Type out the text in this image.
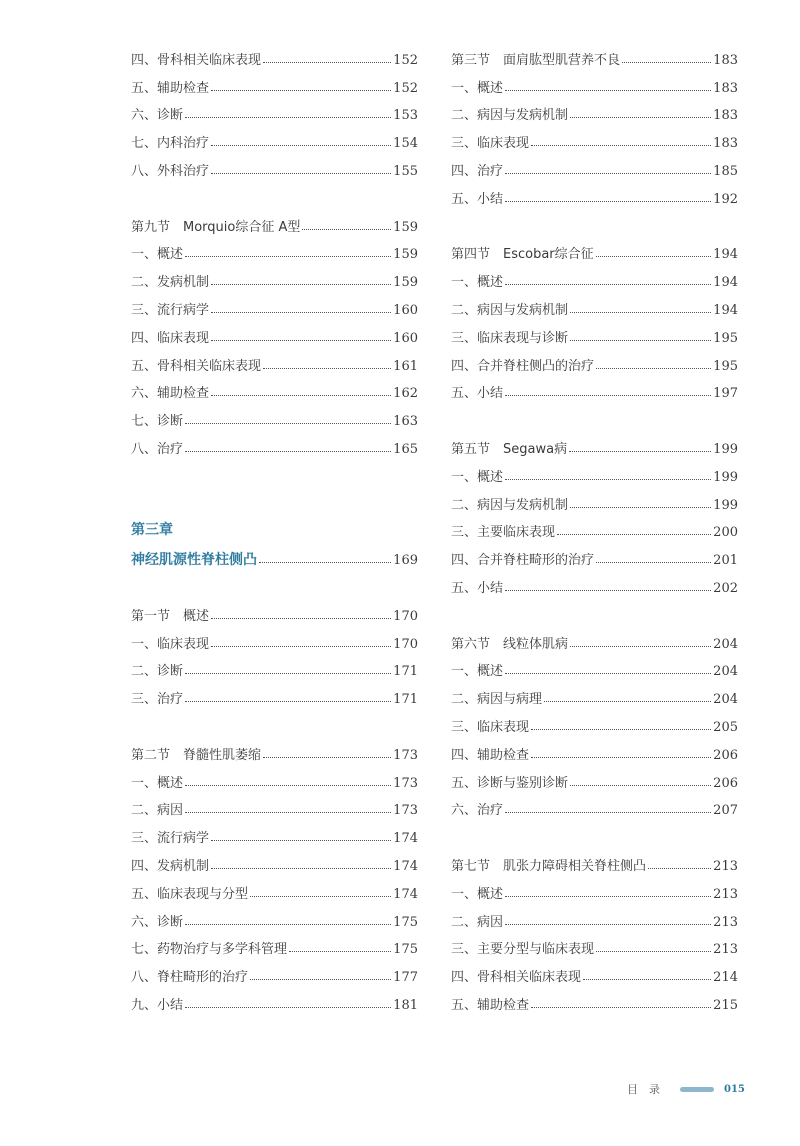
四、骨科相关临床表现	152
五、辅助检查	152
六、诊断	153
七、内科治疗	154
八、外科治疗	155
第九节　Morquio综合征 A型	159
一、概述	159
二、发病机制	159
三、流行病学	160
四、临床表现	160
五、骨科相关临床表现	161
六、辅助检查	162
七、诊断	163
八、治疗	165
第三章
神经肌源性脊柱侧凸	169
第一节　概述	170
一、临床表现	170
二、诊断	171
三、治疗	171
第二节　脊髓性肌萎缩	173
一、概述	173
二、病因	173
三、流行病学	174
四、发病机制	174
五、临床表现与分型	174
六、诊断	175
七、药物治疗与多学科管理	175
八、脊柱畸形的治疗	177
九、小结	181
第三节　面肩肱型肌营养不良	183
一、概述	183
二、病因与发病机制	183
三、临床表现	183
四、治疗	185
五、小结	192
第四节　Escobar综合征	194
一、概述	194
二、病因与发病机制	194
三、临床表现与诊断	195
四、合并脊柱侧凸的治疗	195
五、小结	197
第五节　Segawa病	199
一、概述	199
二、病因与发病机制	199
三、主要临床表现	200
四、合并脊柱畸形的治疗	201
五、小结	202
第六节　线粒体肌病	204
一、概述	204
二、病因与病理	204
三、临床表现	205
四、辅助检查	206
五、诊断与鉴别诊断	206
六、治疗	207
第七节　肌张力障碍相关脊柱侧凸	213
一、概述	213
二、病因	213
三、主要分型与临床表现	213
四、骨科相关临床表现	214
五、辅助检查	215
目　录	015
